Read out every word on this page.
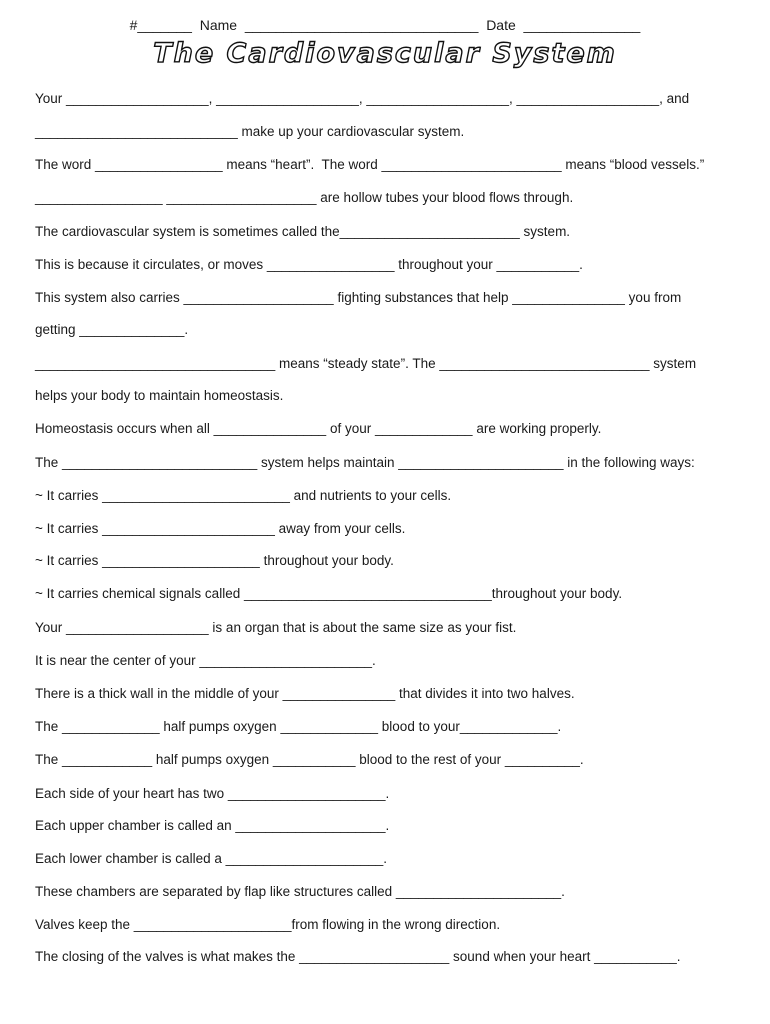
#_______  Name  ______________________________  Date  _______________
The Cardiovascular System
Your ___________________, ___________________, ___________________, ___________________, and
___________________________ make up your cardiovascular system.
The word _________________ means “heart”.  The word ________________________ means “blood vessels.”
_________________ ____________________ are hollow tubes your blood flows through.
The cardiovascular system is sometimes called the________________________ system.
This is because it circulates, or moves _________________ throughout your ___________.
This system also carries ____________________ fighting substances that help _______________ you from
getting ______________.
________________________________ means “steady state”. The ____________________________ system
helps your body to maintain homeostasis.
Homeostasis occurs when all _______________ of your _____________ are working properly.
The __________________________ system helps maintain ______________________ in the following ways:
~ It carries _________________________ and nutrients to your cells.
~ It carries _______________________ away from your cells.
~ It carries _____________________ throughout your body.
~ It carries chemical signals called _________________________________throughout your body.
Your ___________________ is an organ that is about the same size as your fist.
It is near the center of your _______________________.
There is a thick wall in the middle of your _______________ that divides it into two halves.
The _____________ half pumps oxygen _____________ blood to your_____________.
The ____________ half pumps oxygen ___________ blood to the rest of your __________.
Each side of your heart has two _____________________.
Each upper chamber is called an ____________________.
Each lower chamber is called a _____________________.
These chambers are separated by flap like structures called ______________________.
Valves keep the _____________________from flowing in the wrong direction.
The closing of the valves is what makes the ____________________ sound when your heart ___________.
